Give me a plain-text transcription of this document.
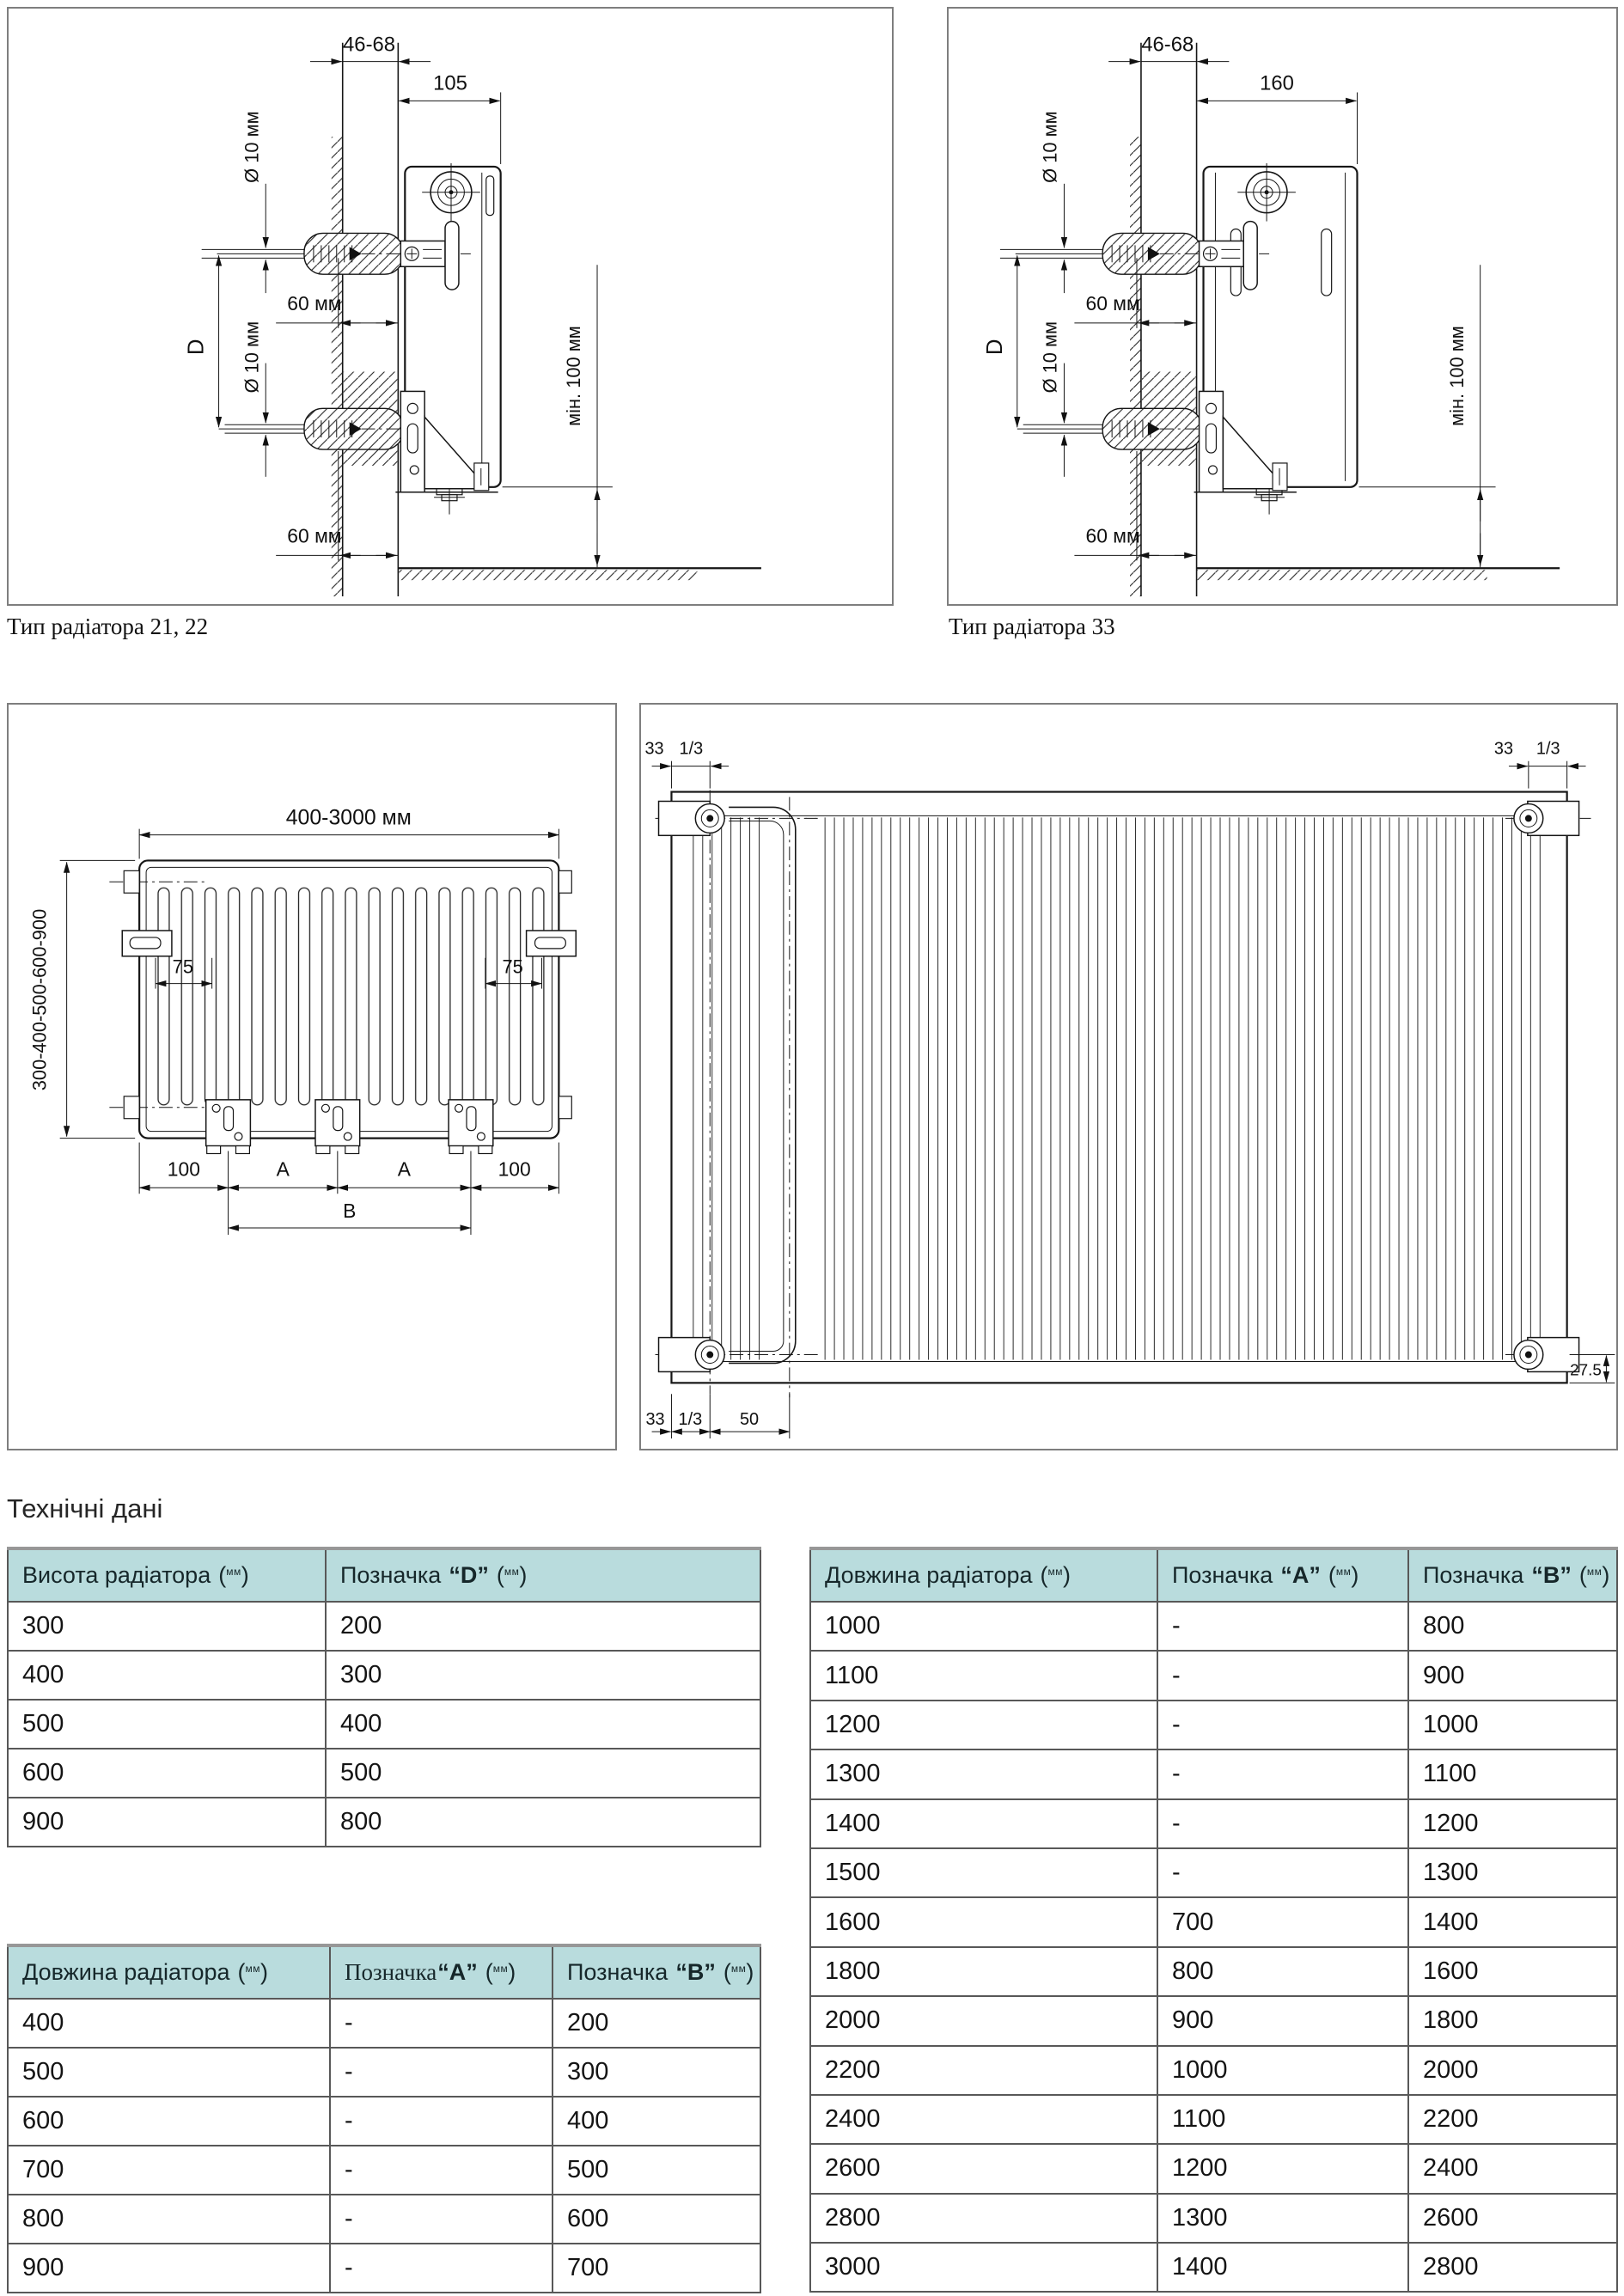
46-68
105
Ø 10 мм
60 мм
D Ø 10 мм
60 мм
мін. 100 мм
Тип радіатора 21, 22
46-68
160
Ø 10 мм
60 мм
D Ø 10 мм
60 мм
мін. 100 мм
Тип радіатора 33
400-3000 мм
300-400-500-600-900	75	75
100	A	A	100
B
33 1/3	33 1/3
33 1/3 50
27.5
Технічні дані
Висота радіатора ($^{мм}$)	Позначка “D” ($^{мм}$)
300	200
400	300
500	400
600	500
900	800
Довжина радіатора ($^{мм}$)	Позначка“А” ($^{мм}$)	Позначка “В” ($^{мм}$)
400	-	200
500	-	300
600	-	400
700	-	500
800	-	600
900	-	700
Довжина радіатора ($^{мм}$)	Позначка “А” ($^{мм}$)	Позначка “В” ($^{мм}$)
1000	-	800
1100	-	900
1200	-	1000
1300	-	1100
1400	-	1200
1500	-	1300
1600	700	1400
1800	800	1600
2000	900	1800
2200	1000	2000
2400	1100	2200
2600	1200	2400
2800	1300	2600
3000	1400	2800
